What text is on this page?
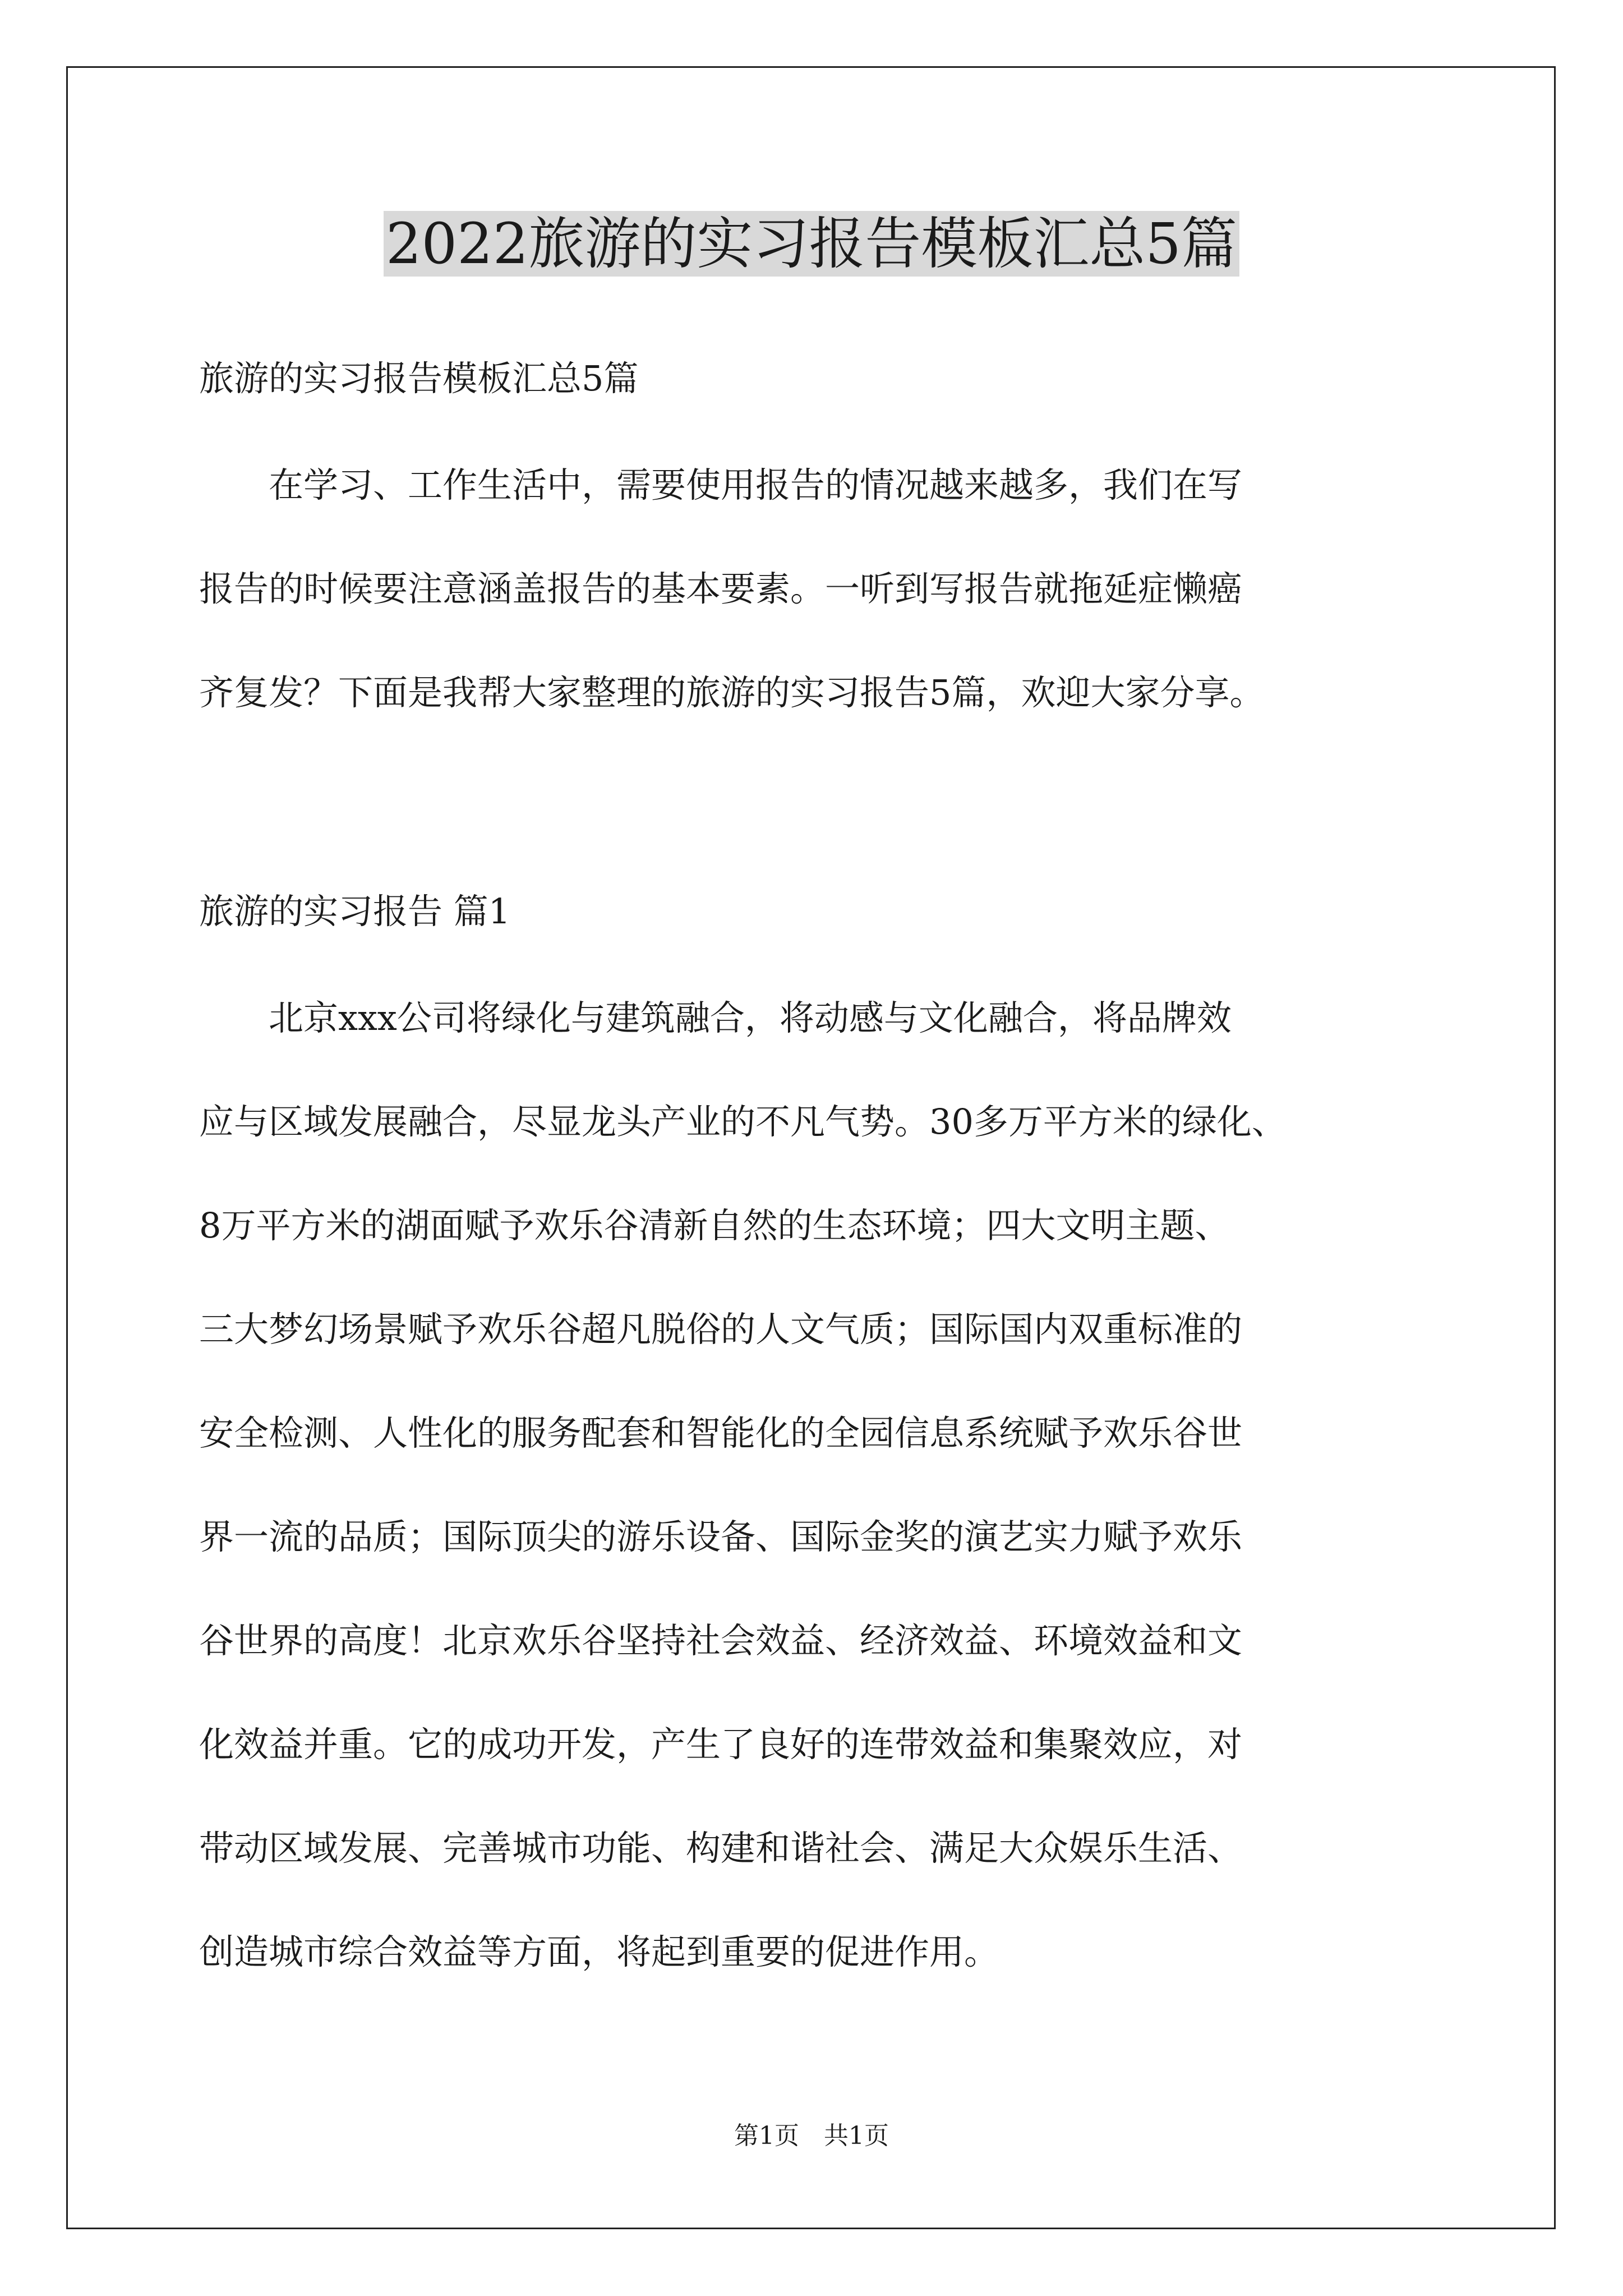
2022旅游的实习报告模板汇总5篇

旅游的实习报告模板汇总5篇

　　在学习、工作生活中，需要使用报告的情况越来越多，我们在写

报告的时候要注意涵盖报告的基本要素。一听到写报告就拖延症懒癌

齐复发？下面是我帮大家整理的旅游的实习报告5篇，欢迎大家分享。

旅游的实习报告 篇1

　　北京xxx公司将绿化与建筑融合，将动感与文化融合，将品牌效

应与区域发展融合，尽显龙头产业的不凡气势。30多万平方米的绿化、

8万平方米的湖面赋予欢乐谷清新自然的生态环境；四大文明主题、

三大梦幻场景赋予欢乐谷超凡脱俗的人文气质；国际国内双重标准的

安全检测、人性化的服务配套和智能化的全园信息系统赋予欢乐谷世

界一流的品质；国际顶尖的游乐设备、国际金奖的演艺实力赋予欢乐

谷世界的高度！北京欢乐谷坚持社会效益、经济效益、环境效益和文

化效益并重。它的成功开发，产生了良好的连带效益和集聚效应，对

带动区域发展、完善城市功能、构建和谐社会、满足大众娱乐生活、

创造城市综合效益等方面，将起到重要的促进作用。

第1页　共1页
